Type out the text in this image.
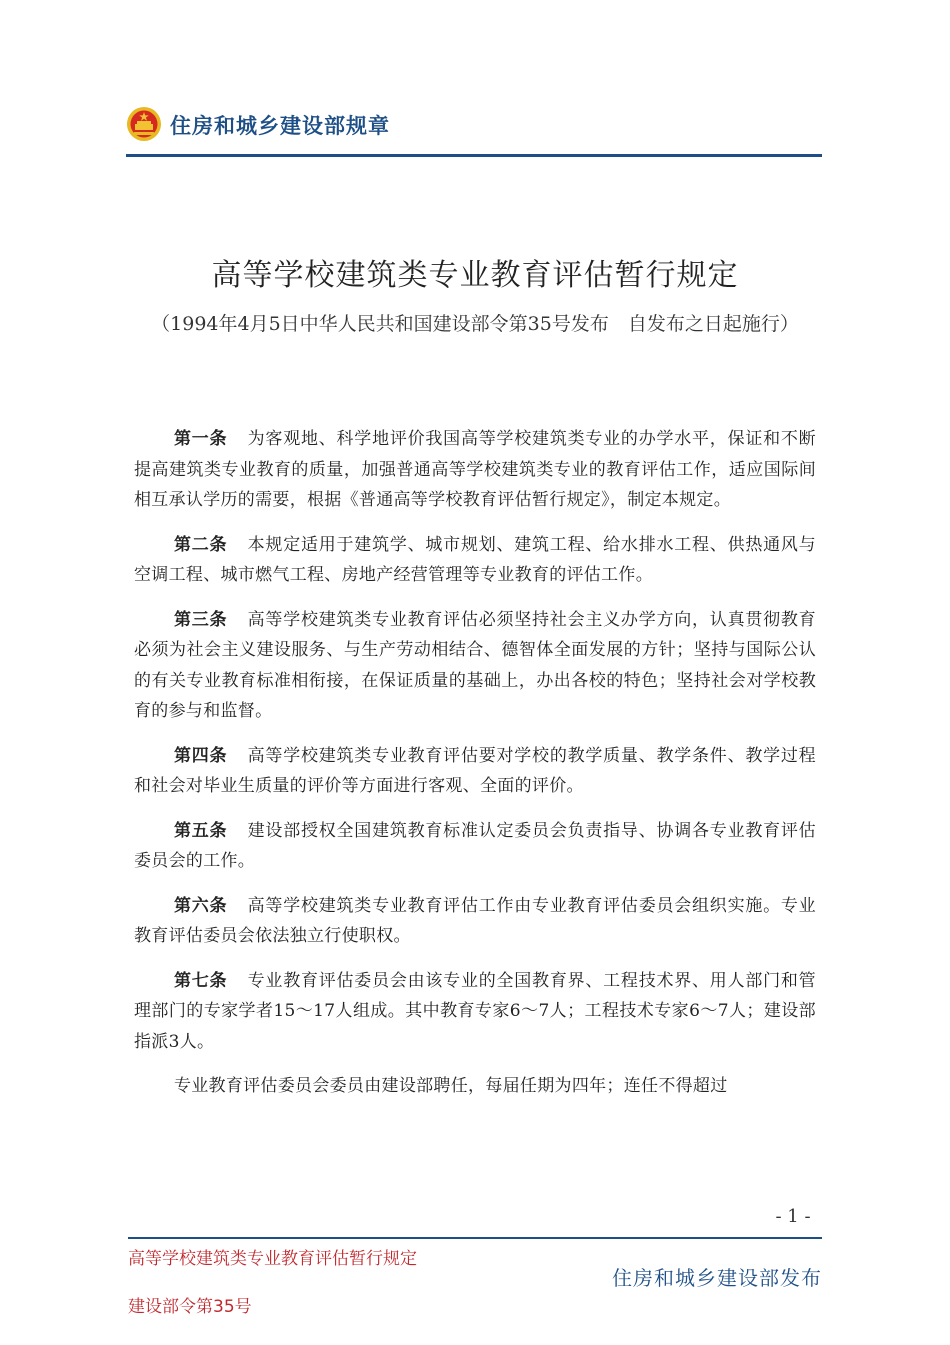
住房和城乡建设部规章
高等学校建筑类专业教育评估暂行规定
（1994年4月5日中华人民共和国建设部令第35号发布　自发布之日起施行）

第一条 为客观地、科学地评价我国高等学校建筑类专业的办学水平，保证和不断提高建筑类专业教育的质量，加强普通高等学校建筑类专业的教育评估工作，适应国际间相互承认学历的需要，根据《普通高等学校教育评估暂行规定》，制定本规定。

第二条 本规定适用于建筑学、城市规划、建筑工程、给水排水工程、供热通风与空调工程、城市燃气工程、房地产经营管理等专业教育的评估工作。

第三条 高等学校建筑类专业教育评估必须坚持社会主义办学方向，认真贯彻教育必须为社会主义建设服务、与生产劳动相结合、德智体全面发展的方针；坚持与国际公认的有关专业教育标准相衔接，在保证质量的基础上，办出各校的特色；坚持社会对学校教育的参与和监督。

第四条 高等学校建筑类专业教育评估要对学校的教学质量、教学条件、教学过程和社会对毕业生质量的评价等方面进行客观、全面的评价。

第五条 建设部授权全国建筑教育标准认定委员会负责指导、协调各专业教育评估委员会的工作。

第六条 高等学校建筑类专业教育评估工作由专业教育评估委员会组织实施。专业教育评估委员会依法独立行使职权。

第七条 专业教育评估委员会由该专业的全国教育界、工程技术界、用人部门和管理部门的专家学者15～17人组成。其中教育专家6～7人；工程技术专家6～7人；建设部指派3人。

专业教育评估委员会委员由建设部聘任，每届任期为四年；连任不得超过

- 1 -
高等学校建筑类专业教育评估暂行规定
建设部令第35号
住房和城乡建设部发布
